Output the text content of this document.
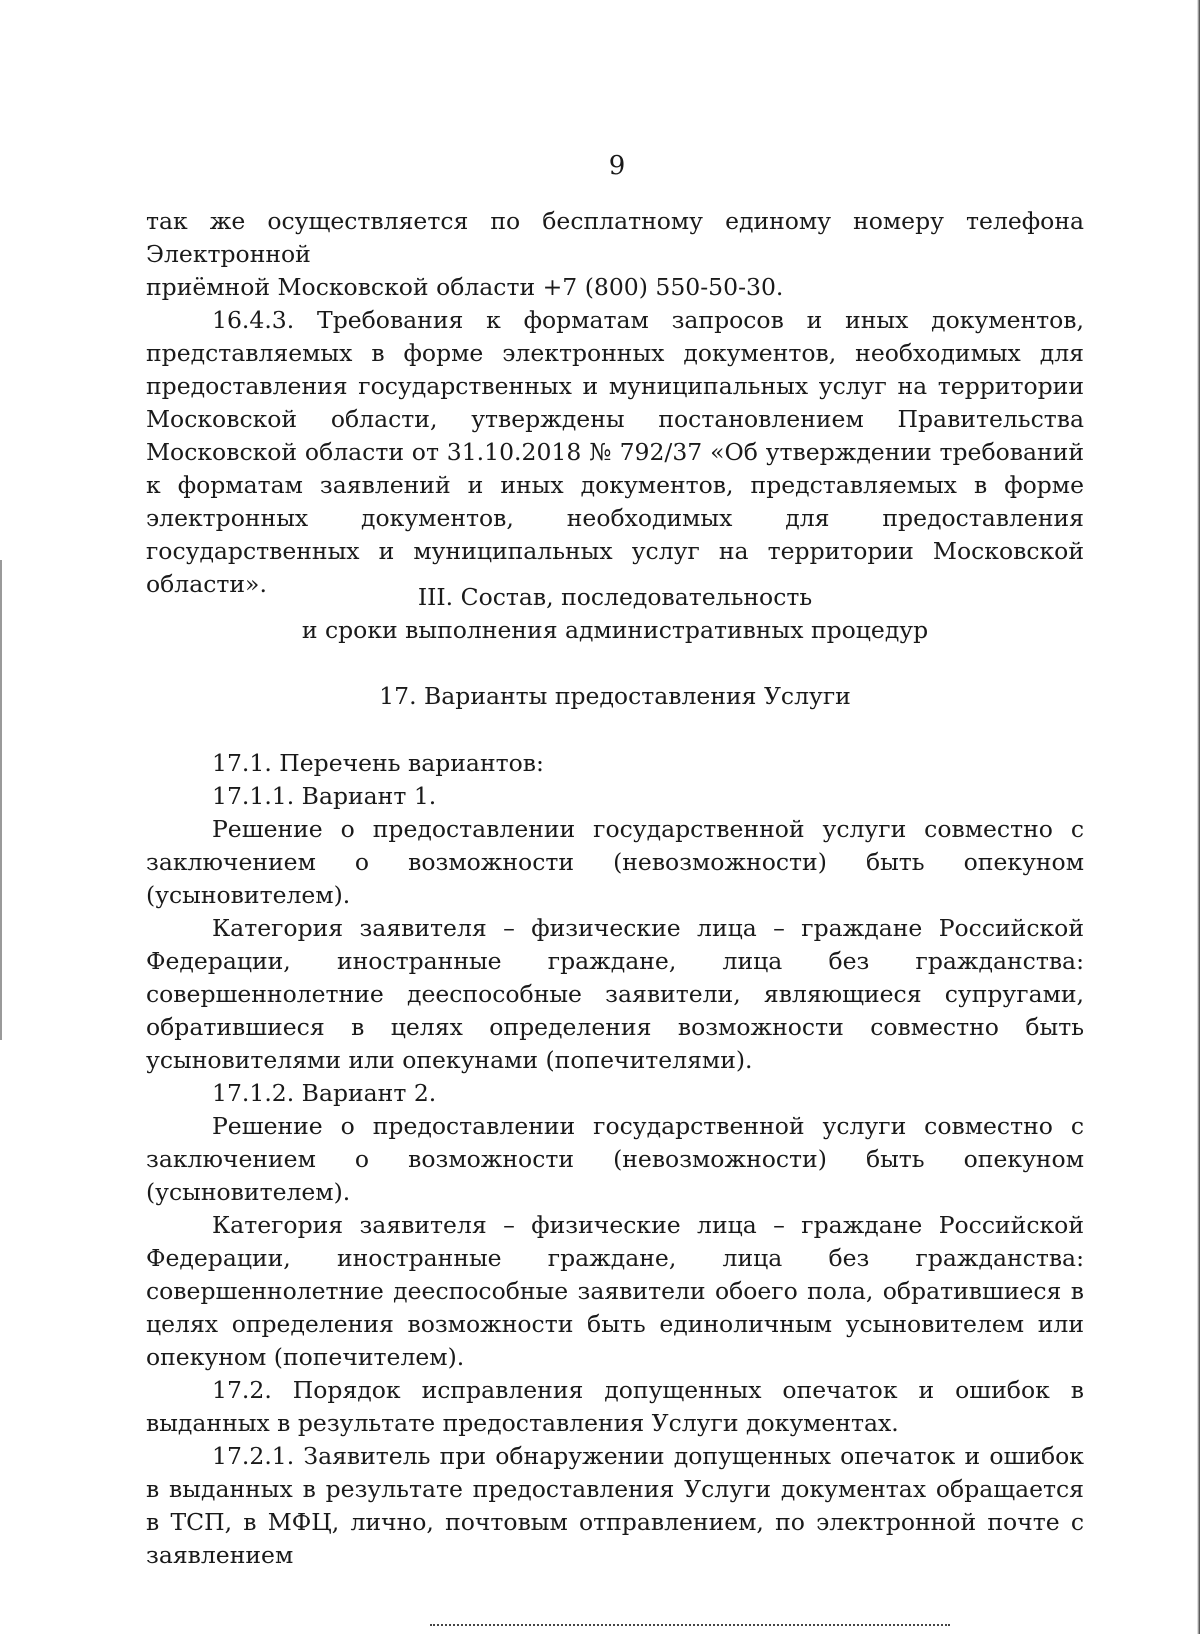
9

так же осуществляется по бесплатному единому номеру телефона Электронной

приёмной Московской области +7 (800) 550-50-30.

16.4.3. Требования к форматам запросов и иных документов, представляемых в форме электронных документов, необходимых для предоставления государственных и муниципальных услуг на территории Московской области, утверждены постановлением Правительства Московской области от 31.10.2018 № 792/37 «Об утверждении требований к форматам заявлений и иных документов, представляемых в форме электронных документов, необходимых для предоставления государственных и муниципальных услуг на территории Московской области».	III. Состав, последовательность

и сроки выполнения административных процедур

17. Варианты предоставления Услуги

17.1. Перечень вариантов:

17.1.1. Вариант 1.

Решение о предоставлении государственной услуги совместно с заключением о возможности (невозможности) быть опекуном (усыновителем).

Категория заявителя – физические лица – граждане Российской Федерации, иностранные граждане, лица без гражданства: совершеннолетние дееспособные заявители, являющиеся супругами, обратившиеся в целях определения возможности совместно быть усыновителями или опекунами (попечителями).

17.1.2. Вариант 2.

Решение о предоставлении государственной услуги совместно с заключением о возможности (невозможности) быть опекуном (усыновителем).

Категория заявителя – физические лица – граждане Российской Федерации, иностранные граждане, лица без гражданства: совершеннолетние дееспособные заявители обоего пола, обратившиеся в целях определения возможности быть единоличным усыновителем или опекуном (попечителем).

17.2. Порядок исправления допущенных опечаток и ошибок в выданных в результате предоставления Услуги документах.

17.2.1. Заявитель при обнаружении допущенных опечаток и ошибок в выданных в результате предоставления Услуги документах обращается в ТСП, в МФЦ, лично, почтовым отправлением, по электронной почте с заявлением
